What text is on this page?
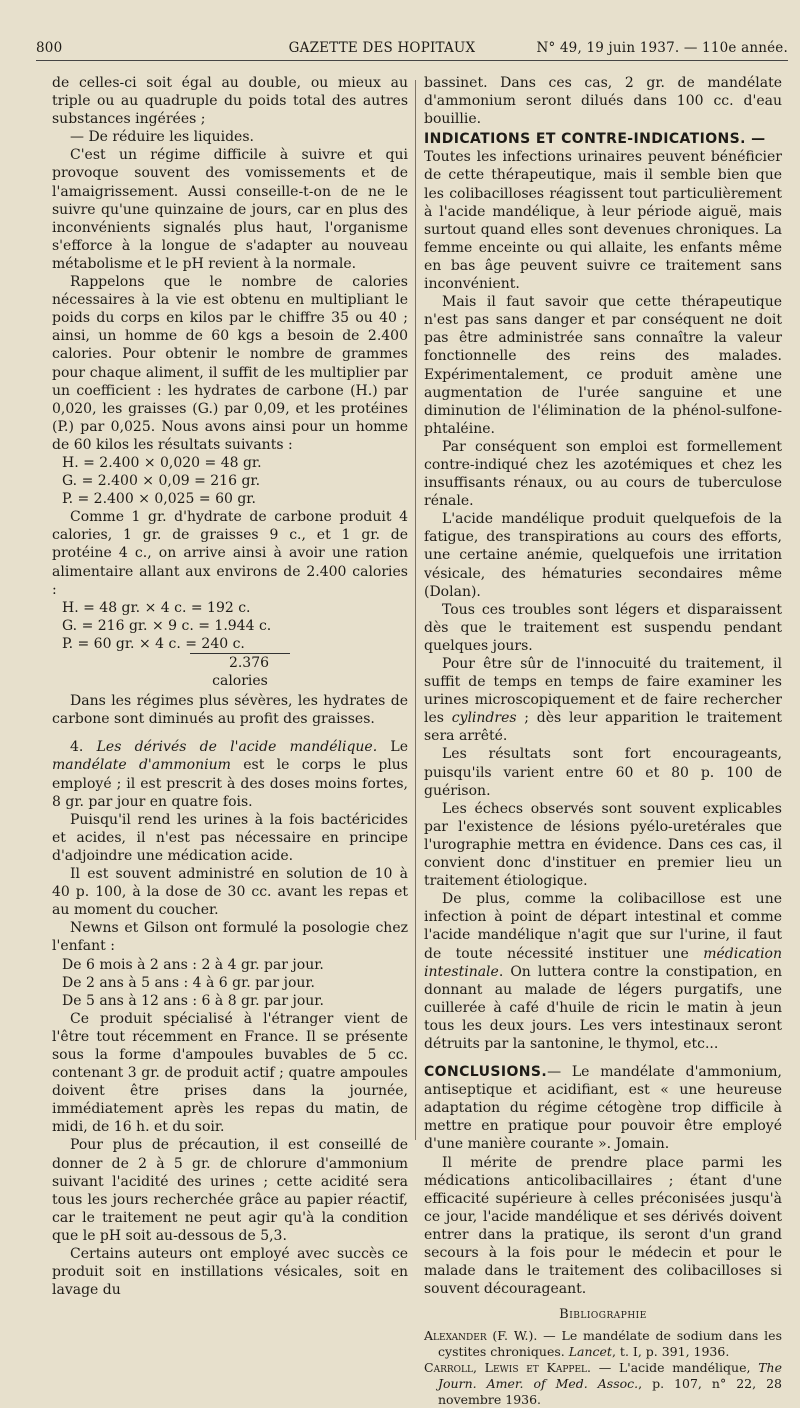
800	GAZETTE DES HOPITAUX	N° 49, 19 juin 1937. — 110e année.

de celles-ci soit égal au double, ou mieux au triple ou au quadruple du poids total des autres substances ingérées ;

— De réduire les liquides.

C'est un régime difficile à suivre et qui provoque souvent des vomissements et de l'amaigrissement. Aussi conseille-t-on de ne le suivre qu'une quinzaine de jours, car en plus des inconvénients signalés plus haut, l'organisme s'efforce à la longue de s'adapter au nouveau métabolisme et le pH revient à la normale.

Rappelons que le nombre de calories nécessaires à la vie est obtenu en multipliant le poids du corps en kilos par le chiffre 35 ou 40 ; ainsi, un homme de 60 kgs a besoin de 2.400 calories. Pour obtenir le nombre de grammes pour chaque aliment, il suffit de les multiplier par un coefficient : les hydrates de carbone (H.) par 0,020, les graisses (G.) par 0,09, et les protéines (P.) par 0,025. Nous avons ainsi pour un homme de 60 kilos les résultats suivants :

H. = 2.400 × 0,020 = 48 gr.

G. = 2.400 × 0,09 = 216 gr.

P. = 2.400 × 0,025 = 60 gr.

Comme 1 gr. d'hydrate de carbone produit 4 calories, 1 gr. de graisses 9 c., et 1 gr. de protéine 4 c., on arrive ainsi à avoir une ration alimentaire allant aux environs de 2.400 calories :

H. = 48 gr. × 4 c. = 192 c.

G. = 216 gr. × 9 c. = 1.944 c.

P. = 60 gr. × 4 c. = 240 c.

2.376 calories

Dans les régimes plus sévères, les hydrates de carbone sont diminués au profit des graisses.

4. Les dérivés de l'acide mandélique. Le mandélate d'ammonium est le corps le plus employé ; il est prescrit à des doses moins fortes, 8 gr. par jour en quatre fois.

Puisqu'il rend les urines à la fois bactéricides et acides, il n'est pas nécessaire en principe d'adjoindre une médication acide.

Il est souvent administré en solution de 10 à 40 p. 100, à la dose de 30 cc. avant les repas et au moment du coucher.

Newns et Gilson ont formulé la posologie chez l'enfant :

De 6 mois à 2 ans : 2 à 4 gr. par jour.

De 2 ans à 5 ans : 4 à 6 gr. par jour.

De 5 ans à 12 ans : 6 à 8 gr. par jour.

Ce produit spécialisé à l'étranger vient de l'être tout récemment en France. Il se présente sous la forme d'ampoules buvables de 5 cc. contenant 3 gr. de produit actif ; quatre ampoules doivent être prises dans la journée, immédiatement après les repas du matin, de midi, de 16 h. et du soir.

Pour plus de précaution, il est conseillé de donner de 2 à 5 gr. de chlorure d'ammonium suivant l'acidité des urines ; cette acidité sera tous les jours recherchée grâce au papier réactif, car le traitement ne peut agir qu'à la condition que le pH soit au-dessous de 5,3.

Certains auteurs ont employé avec succès ce produit soit en instillations vésicales, soit en lavage du

bassinet. Dans ces cas, 2 gr. de mandélate d'ammonium seront dilués dans 100 cc. d'eau bouillie.

INDICATIONS ET CONTRE-INDICATIONS. —

Toutes les infections urinaires peuvent bénéficier de cette thérapeutique, mais il semble bien que les colibacilloses réagissent tout particulièrement à l'acide mandélique, à leur période aiguë, mais surtout quand elles sont devenues chroniques. La femme enceinte ou qui allaite, les enfants même en bas âge peuvent suivre ce traitement sans inconvénient.

Mais il faut savoir que cette thérapeutique n'est pas sans danger et par conséquent ne doit pas être administrée sans connaître la valeur fonctionnelle des reins des malades. Expérimentalement, ce produit amène une augmentation de l'urée sanguine et une diminution de l'élimination de la phénol-sulfone-phtaléine.

Par conséquent son emploi est formellement contre-indiqué chez les azotémiques et chez les insuffisants rénaux, ou au cours de tuberculose rénale.

L'acide mandélique produit quelquefois de la fatigue, des transpirations au cours des efforts, une certaine anémie, quelquefois une irritation vésicale, des hématuries secondaires même (Dolan).

Tous ces troubles sont légers et disparaissent dès que le traitement est suspendu pendant quelques jours.

Pour être sûr de l'innocuité du traitement, il suffit de temps en temps de faire examiner les urines microscopiquement et de faire rechercher les cylindres ; dès leur apparition le traitement sera arrêté.

Les résultats sont fort encourageants, puisqu'ils varient entre 60 et 80 p. 100 de guérison.

Les échecs observés sont souvent explicables par l'existence de lésions pyélo-uretérales que l'urographie mettra en évidence. Dans ces cas, il convient donc d'instituer en premier lieu un traitement étiologique.

De plus, comme la colibacillose est une infection à point de départ intestinal et comme l'acide mandélique n'agit que sur l'urine, il faut de toute nécessité instituer une médication intestinale. On luttera contre la constipation, en donnant au malade de légers purgatifs, une cuillerée à café d'huile de ricin le matin à jeun tous les deux jours. Les vers intestinaux seront détruits par la santonine, le thymol, etc...

CONCLUSIONS.— Le mandélate d'ammonium, antiseptique et acidifiant, est « une heureuse adaptation du régime cétogène trop difficile à mettre en pratique pour pouvoir être employé d'une manière courante ». Jomain.

Il mérite de prendre place parmi les médications anticolibacillaires ; étant d'une efficacité supérieure à celles préconisées jusqu'à ce jour, l'acide mandélique et ses dérivés doivent entrer dans la pratique, ils seront d'un grand secours à la fois pour le médecin et pour le malade dans le traitement des colibacilloses si souvent décourageant.

Bibliographie

Alexander (F. W.). — Le mandélate de sodium dans les cystites chroniques. Lancet, t. I, p. 391, 1936.

Carroll, Lewis et Kappel. — L'acide mandélique, The Journ. Amer. of Med. Assoc., p. 107, n° 22, 28 novembre 1936.
